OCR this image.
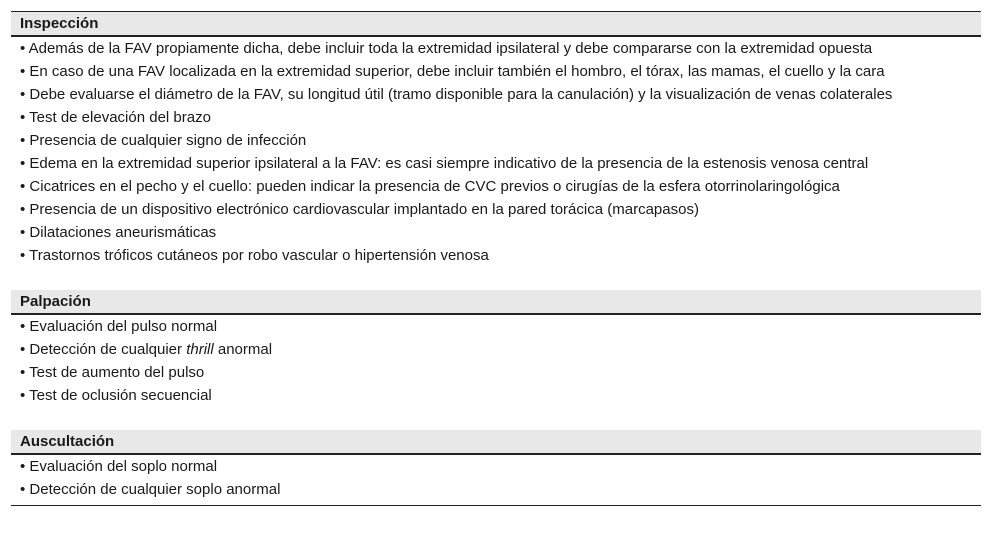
Inspección

• Además de la FAV propiamente dicha, debe incluir toda la extremidad ipsilateral y debe compararse con la extremidad opuesta

• En caso de una FAV localizada en la extremidad superior, debe incluir también el hombro, el tórax, las mamas, el cuello y la cara

• Debe evaluarse el diámetro de la FAV, su longitud útil (tramo disponible para la canulación) y la visualización de venas colaterales

• Test de elevación del brazo

• Presencia de cualquier signo de infección

• Edema en la extremidad superior ipsilateral a la FAV: es casi siempre indicativo de la presencia de la estenosis venosa central

• Cicatrices en el pecho y el cuello: pueden indicar la presencia de CVC previos o cirugías de la esfera otorrinolaringológica

• Presencia de un dispositivo electrónico cardiovascular implantado en la pared torácica (marcapasos)

• Dilataciones aneurismáticas

• Trastornos tróficos cutáneos por robo vascular o hipertensión venosa

Palpación

• Evaluación del pulso normal

• Detección de cualquier thrill anormal

• Test de aumento del pulso

• Test de oclusión secuencial

Auscultación

• Evaluación del soplo normal

• Detección de cualquier soplo anormal
